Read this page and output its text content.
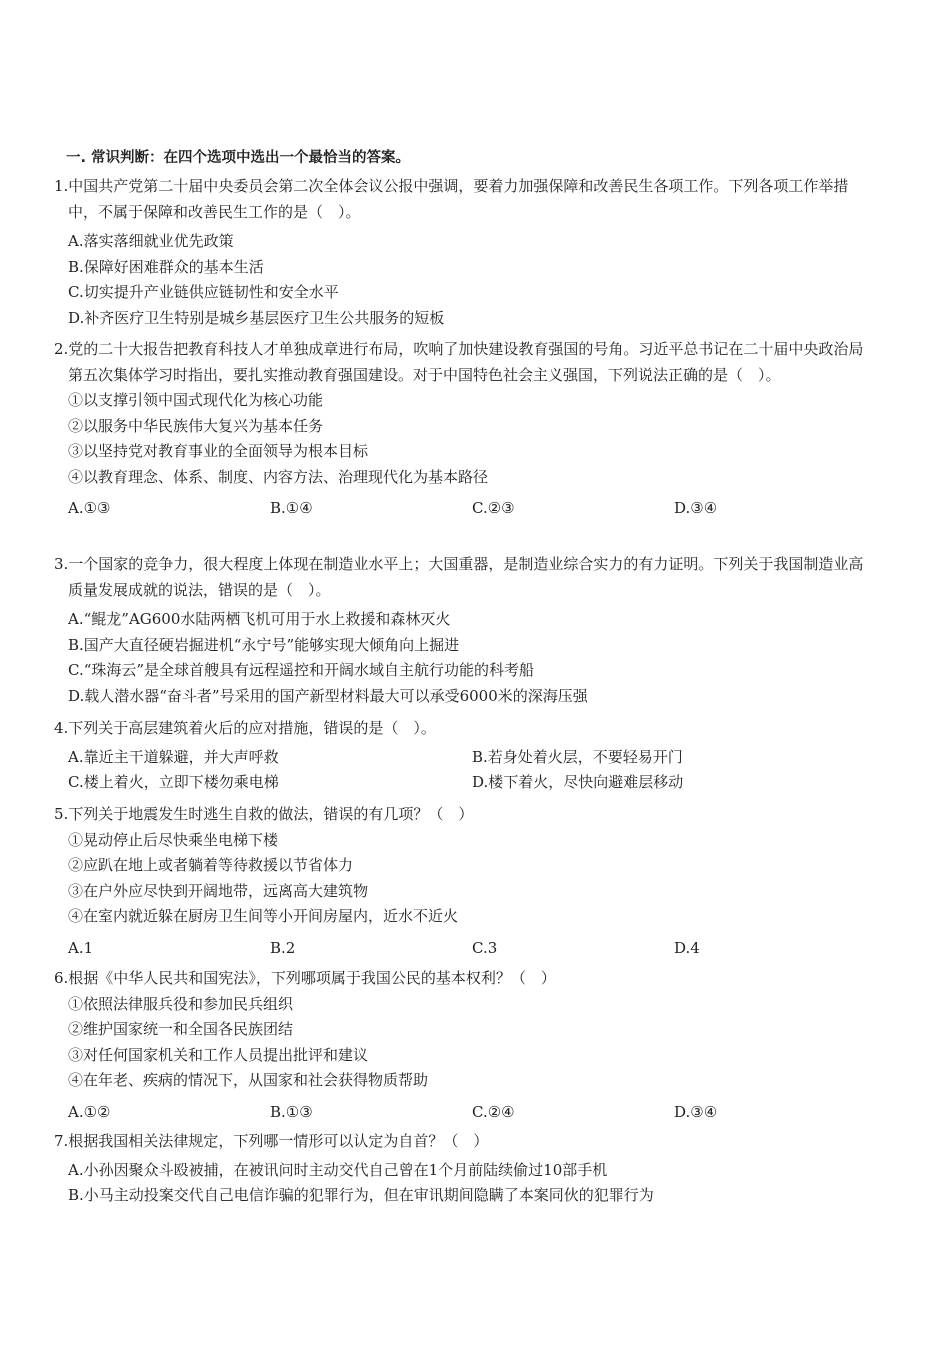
一. 常识判断：在四个选项中选出一个最恰当的答案。
1.中国共产党第二十届中央委员会第二次全体会议公报中强调，要着力加强保障和改善民生各项工作。下列各项工作举措中，不属于保障和改善民生工作的是（　）。
A.落实落细就业优先政策
B.保障好困难群众的基本生活
C.切实提升产业链供应链韧性和安全水平
D.补齐医疗卫生特别是城乡基层医疗卫生公共服务的短板
2.党的二十大报告把教育科技人才单独成章进行布局，吹响了加快建设教育强国的号角。习近平总书记在二十届中央政治局第五次集体学习时指出，要扎实推动教育强国建设。对于中国特色社会主义强国，下列说法正确的是（　）。
①以支撑引领中国式现代化为核心功能
②以服务中华民族伟大复兴为基本任务
③以坚持党对教育事业的全面领导为根本目标
④以教育理念、体系、制度、内容方法、治理现代化为基本路径
A.①③	B.①④	C.②③	D.③④
3.一个国家的竞争力，很大程度上体现在制造业水平上；大国重器，是制造业综合实力的有力证明。下列关于我国制造业高质量发展成就的说法，错误的是（　）。
A.“鲲龙”AG600水陆两栖飞机可用于水上救援和森林灭火
B.国产大直径硬岩掘进机“永宁号”能够实现大倾角向上掘进
C.“珠海云”是全球首艘具有远程遥控和开阔水域自主航行功能的科考船
D.载人潜水器“奋斗者”号采用的国产新型材料最大可以承受6000米的深海压强
4.下列关于高层建筑着火后的应对措施，错误的是（　）。
A.靠近主干道躲避，并大声呼救	B.若身处着火层，不要轻易开门
C.楼上着火，立即下楼勿乘电梯	D.楼下着火，尽快向避难层移动
5.下列关于地震发生时逃生自救的做法，错误的有几项？（　）
①晃动停止后尽快乘坐电梯下楼
②应趴在地上或者躺着等待救援以节省体力
③在户外应尽快到开阔地带，远离高大建筑物
④在室内就近躲在厨房卫生间等小开间房屋内，近水不近火
A.1	B.2	C.3	D.4
6.根据《中华人民共和国宪法》，下列哪项属于我国公民的基本权利？（　）
①依照法律服兵役和参加民兵组织
②维护国家统一和全国各民族团结
③对任何国家机关和工作人员提出批评和建议
④在年老、疾病的情况下，从国家和社会获得物质帮助
A.①②	B.①③	C.②④	D.③④
7.根据我国相关法律规定，下列哪一情形可以认定为自首？（　）
A.小孙因聚众斗殴被捕，在被讯问时主动交代自己曾在1个月前陆续偷过10部手机
B.小马主动投案交代自己电信诈骗的犯罪行为，但在审讯期间隐瞒了本案同伙的犯罪行为
